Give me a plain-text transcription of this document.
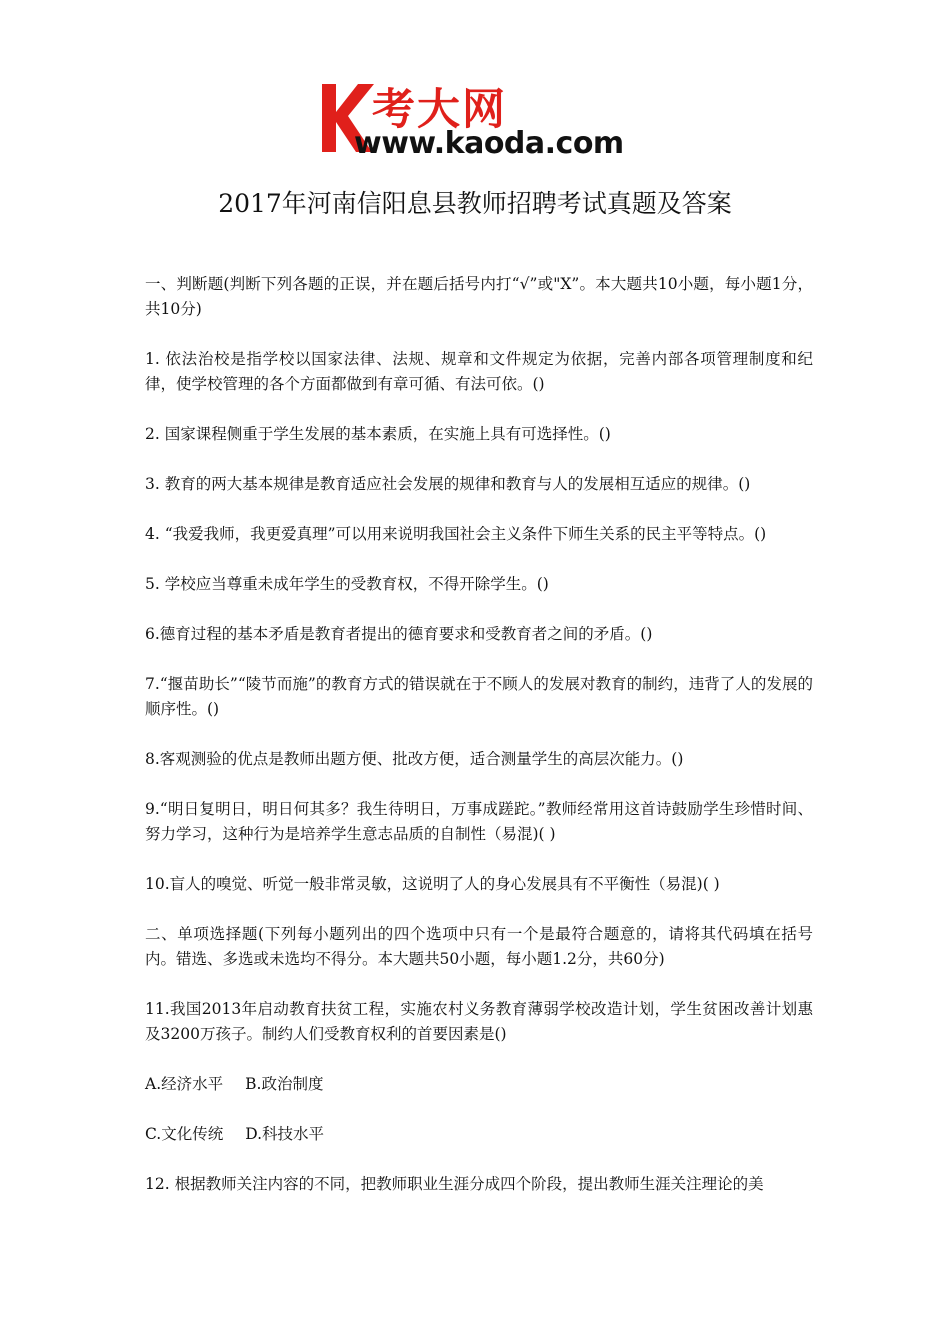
考大网
www.kaoda.com
2017年河南信阳息县教师招聘考试真题及答案

一、判断题(判断下列各题的正误，并在题后括号内打“√”或"X”。本大题共10小题，每小题1分，共10分)

1. 依法治校是指学校以国家法律、法规、规章和文件规定为依据，完善内部各项管理制度和纪律，使学校管理的各个方面都做到有章可循、有法可依。()

2. 国家课程侧重于学生发展的基本素质，在实施上具有可选择性。()

3. 教育的两大基本规律是教育适应社会发展的规律和教育与人的发展相互适应的规律。()

4. “我爱我师，我更爱真理”可以用来说明我国社会主义条件下师生关系的民主平等特点。()

5. 学校应当尊重未成年学生的受教育权，不得开除学生。()

6.德育过程的基本矛盾是教育者提出的德育要求和受教育者之间的矛盾。()

7.“揠苗助长”“陵节而施”的教育方式的错误就在于不顾人的发展对教育的制约，违背了人的发展的顺序性。()

8.客观测验的优点是教师出题方便、批改方便，适合测量学生的高层次能力。()

9.“明日复明日，明日何其多？我生待明日，万事成蹉跎。”教师经常用这首诗鼓励学生珍惜时间、努力学习，这种行为是培养学生意志品质的自制性（易混)( )

10.盲人的嗅觉、听觉一般非常灵敏，这说明了人的身心发展具有不平衡性（易混)( )

二、单项选择题(下列每小题列出的四个选项中只有一个是最符合题意的，请将其代码填在括号内。错选、多选或未选均不得分。本大题共50小题，每小题1.2分，共60分)

11.我国2013年启动教育扶贫工程，实施农村义务教育薄弱学校改造计划，学生贫困改善计划惠及3200万孩子。制约人们受教育权利的首要因素是()

A.经济水平 B.政治制度
C.文化传统 D.科技水平

12. 根据教师关注内容的不同，把教师职业生涯分成四个阶段，提出教师生涯关注理论的美
